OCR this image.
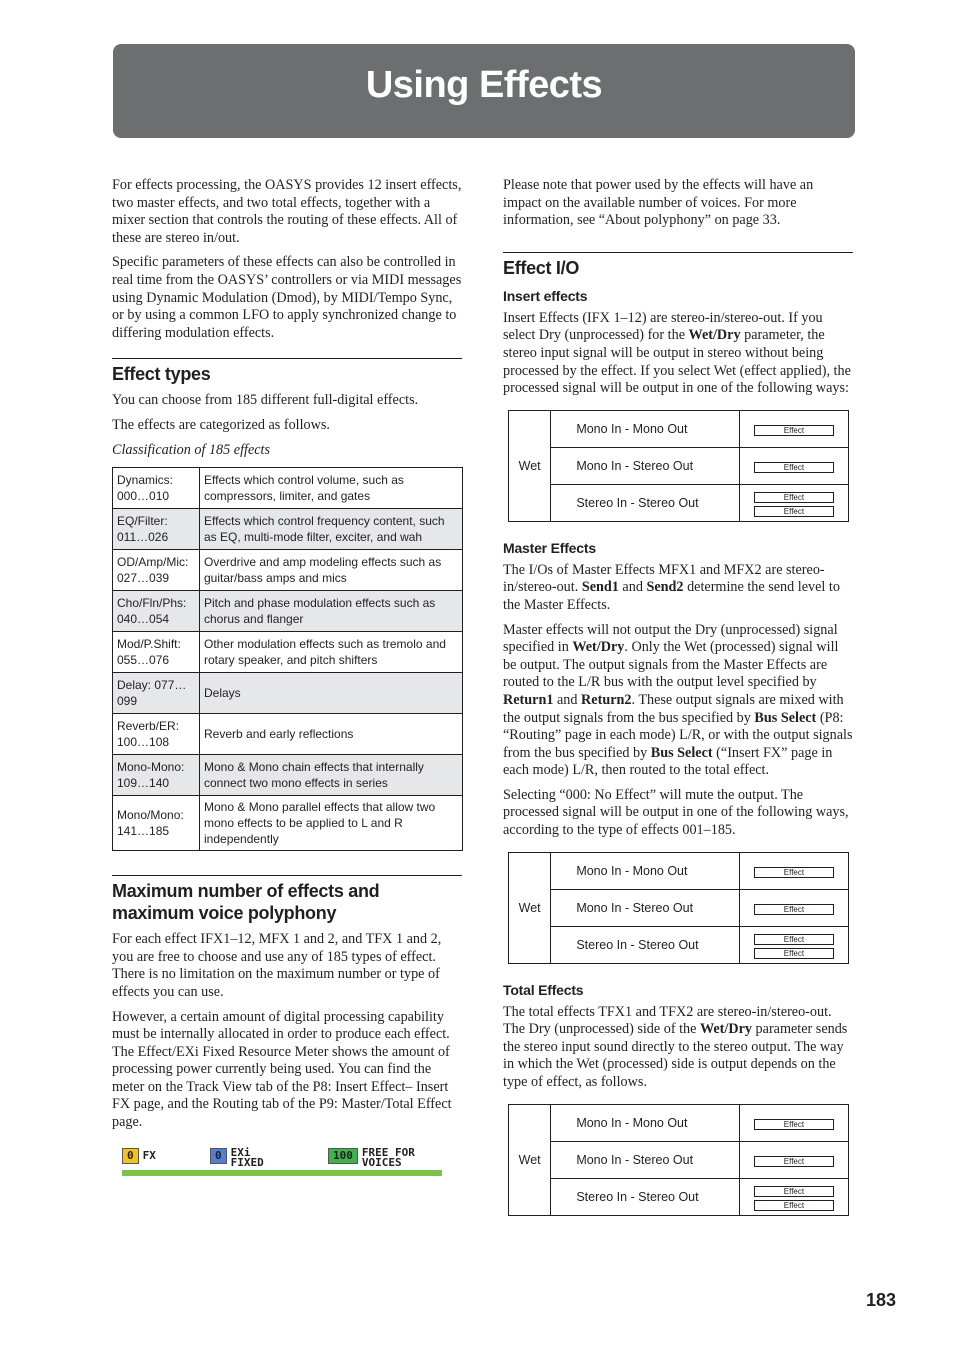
Using Effects

For effects processing, the OASYS provides 12 insert effects, two master effects, and two total effects, together with a mixer section that controls the routing of these effects. All of these are stereo in/out.

Specific parameters of these effects can also be controlled in real time from the OASYS’ controllers or via MIDI messages using Dynamic Modulation (Dmod), by MIDI/Tempo Sync, or by using a common LFO to apply synchronized change to differing modulation effects.

Effect types

You can choose from 185 different full-digital effects.

The effects are categorized as follows.

Classification of 185 effects

Dynamics: 000…010	Effects which control volume, such as compressors, limiter, and gates
EQ/Filter: 011…026	Effects which control frequency content, such as EQ, multi-mode filter, exciter, and wah
OD/Amp/Mic: 027…039	Overdrive and amp modeling effects such as guitar/bass amps and mics
Cho/Fln/Phs: 040…054	Pitch and phase modulation effects such as chorus and flanger
Mod/P.Shift: 055…076	Other modulation effects such as tremolo and rotary speaker, and pitch shifters
Delay: 077…099	Delays
Reverb/ER: 100…108	Reverb and early reflections
Mono-Mono: 109…140	Mono & Mono chain effects that internally connect two mono effects in series
Mono/Mono: 141…185	Mono & Mono parallel effects that allow two mono effects to be applied to L and R independently
Maximum number of effects and maximum voice polyphony

For each effect IFX1–12, MFX 1 and 2, and TFX 1 and 2, you are free to choose and use any of 185 types of effect. There is no limitation on the maximum number or type of effects you can use.

However, a certain amount of digital processing capability must be internally allocated in order to produce each effect. The Effect/EXi Fixed Resource Meter shows the amount of processing power currently being used. You can find the meter on the Track View tab of the P8: Insert Effect– Insert FX page, and the Routing tab of the P9: Master/Total Effect page.

0 FX	0 EXi
FIXED
100 FREE FOR
VOICES

Please note that power used by the effects will have an impact on the available number of voices. For more information, see “About polyphony” on page 33.

Effect I/O
Insert effects

Insert Effects (IFX 1–12) are stereo-in/stereo-out. If you select Dry (unprocessed) for the Wet/Dry parameter, the stereo input signal will be output in stereo without being processed by the effect. If you select Wet (effect applied), the processed signal will be output in one of the following ways:

Wet	Mono In - Mono Out	Effect
	Mono In - Stereo Out	Effect
	Stereo In - Stereo Out	Effect
Effect
Master Effects

The I/Os of Master Effects MFX1 and MFX2 are stereo-in/stereo-out. Send1 and Send2 determine the send level to the Master Effects.

Master effects will not output the Dry (unprocessed) signal specified in Wet/Dry. Only the Wet (processed) signal will be output. The output signals from the Master Effects are routed to the L/R bus with the output level specified by Return1 and Return2. These output signals are mixed with the output signals from the bus specified by Bus Select (P8: “Routing” page in each mode) L/R, or with the output signals from the bus specified by Bus Select (“Insert FX” page in each mode) L/R, then routed to the total effect.

Selecting “000: No Effect” will mute the output. The processed signal will be output in one of the following ways, according to the type of effects 001–185.

Wet	Mono In - Mono Out	Effect
	Mono In - Stereo Out	Effect
	Stereo In - Stereo Out	Effect
Effect
Total Effects

The total effects TFX1 and TFX2 are stereo-in/stereo-out. The Dry (unprocessed) side of the Wet/Dry parameter sends the stereo input sound directly to the stereo output. The way in which the Wet (processed) side is output depends on the type of effect, as follows.

Wet	Mono In - Mono Out	Effect
	Mono In - Stereo Out	Effect
	Stereo In - Stereo Out	Effect
Effect
183
